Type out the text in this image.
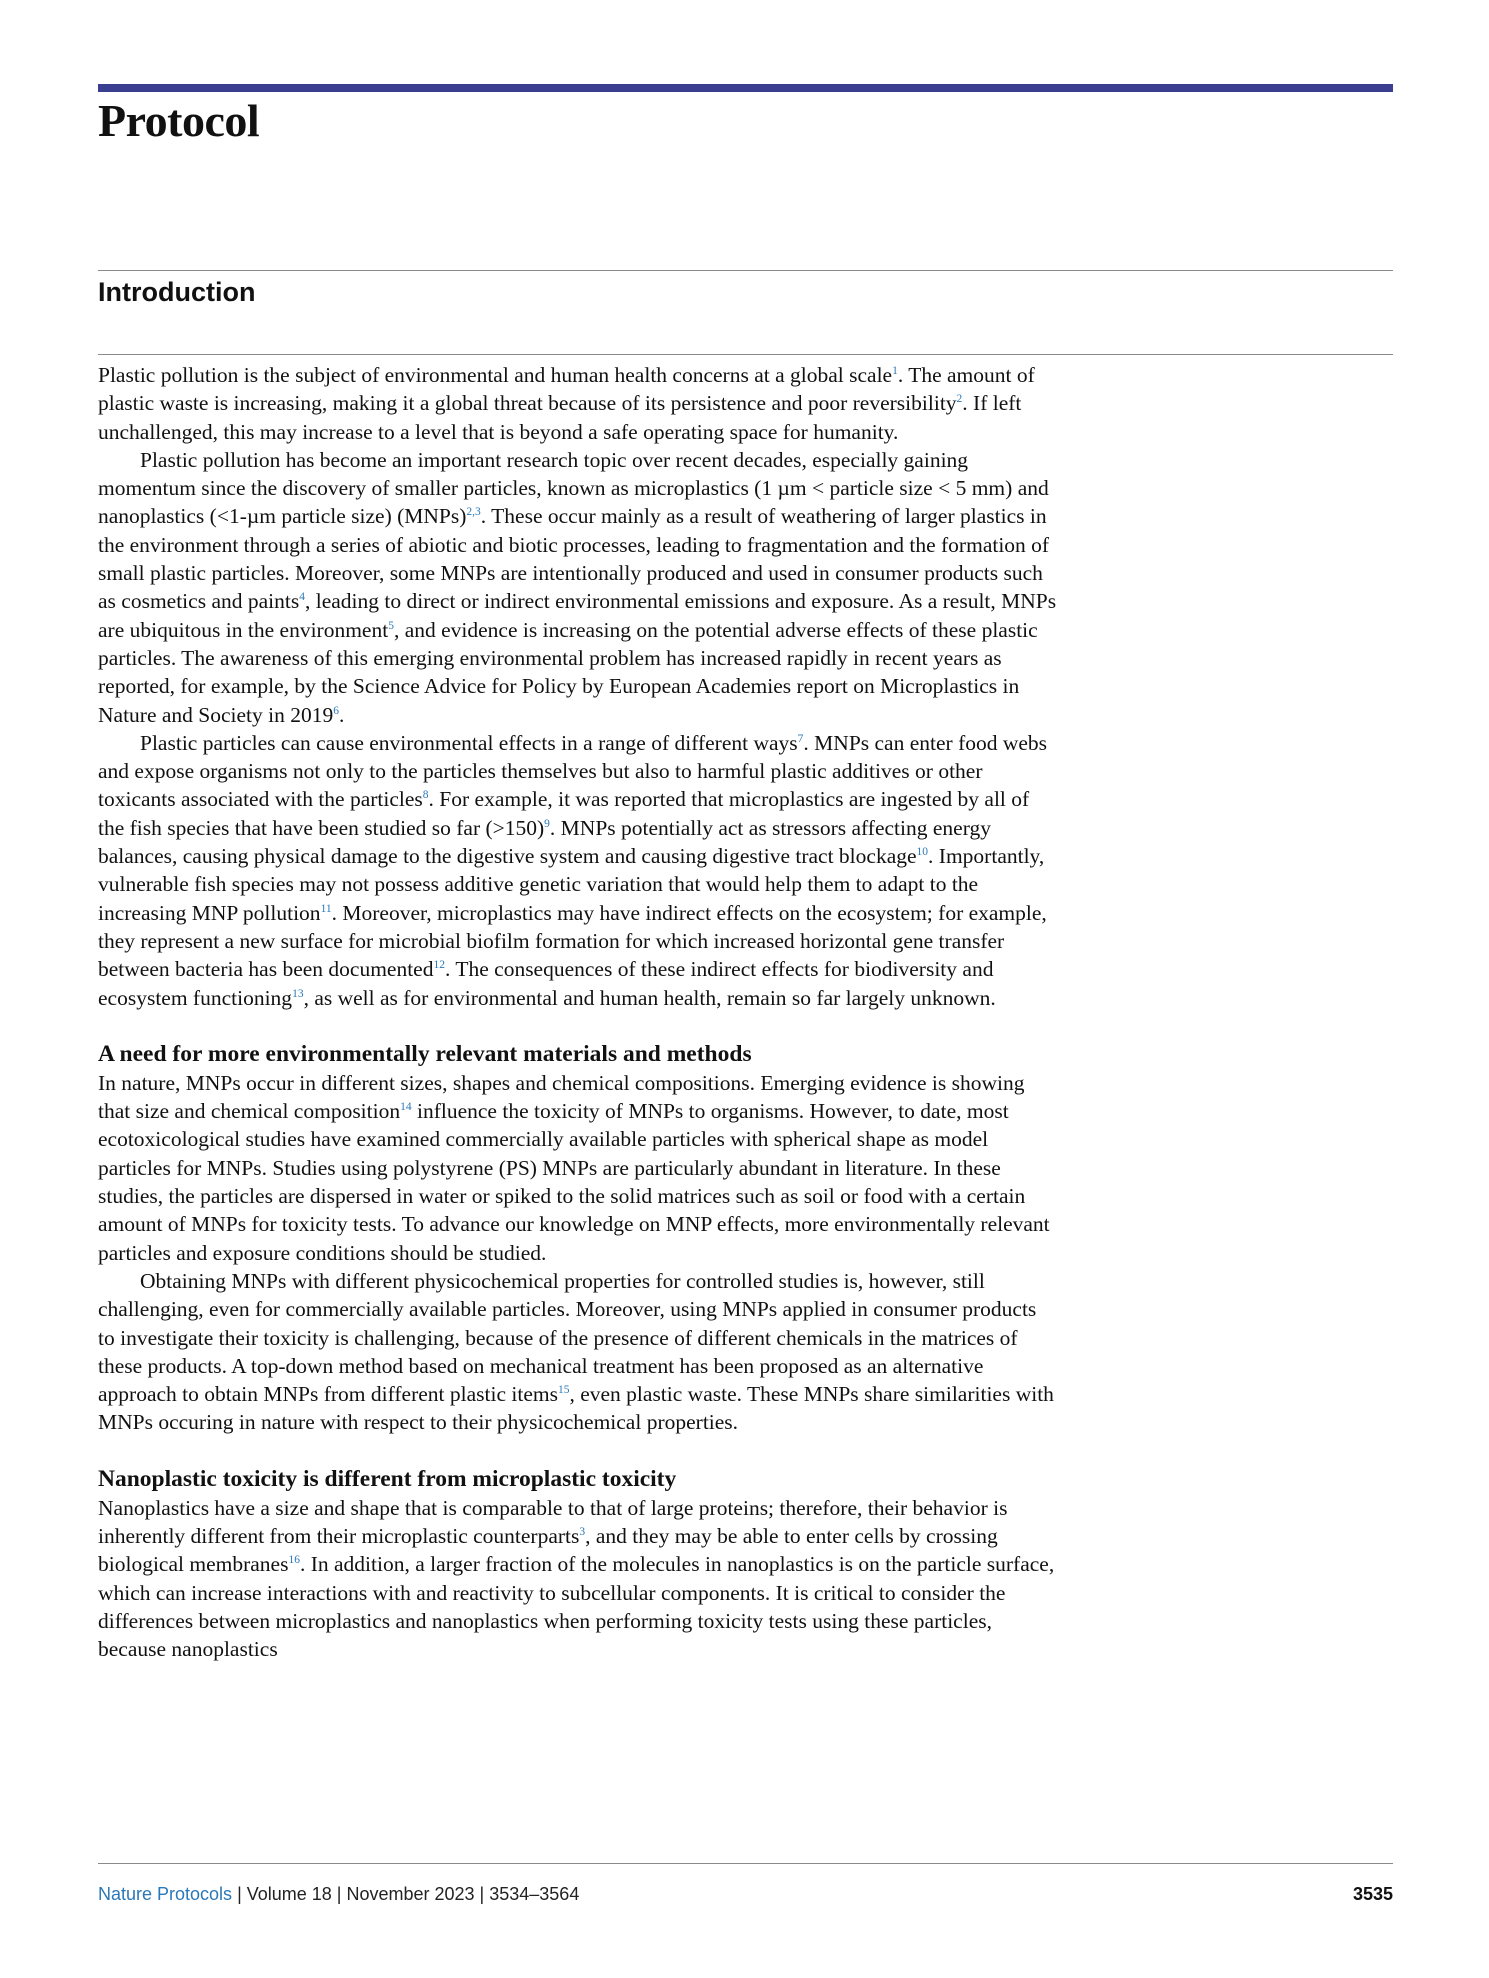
Protocol
Introduction

Plastic pollution is the subject of environmental and human health concerns at a global scale$^1$. The amount of plastic waste is increasing, making it a global threat because of its persistence and poor reversibility$^2$. If left unchallenged, this may increase to a level that is beyond a safe operating space for humanity.

Plastic pollution has become an important research topic over recent decades, especially gaining momentum since the discovery of smaller particles, known as microplastics (1 µm < particle size < 5 mm) and nanoplastics (<1-µm particle size) (MNPs)$^{2,3}$. These occur mainly as a result of weathering of larger plastics in the environment through a series of abiotic and biotic processes, leading to fragmentation and the formation of small plastic particles. Moreover, some MNPs are intentionally produced and used in consumer products such as cosmetics and paints$^4$, leading to direct or indirect environmental emissions and exposure. As a result, MNPs are ubiquitous in the environment$^5$, and evidence is increasing on the potential adverse effects of these plastic particles. The awareness of this emerging environmental problem has increased rapidly in recent years as reported, for example, by the Science Advice for Policy by European Academies report on Microplastics in Nature and Society in 2019$^6$.

Plastic particles can cause environmental effects in a range of different ways$^7$. MNPs can enter food webs and expose organisms not only to the particles themselves but also to harmful plastic additives or other toxicants associated with the particles$^8$. For example, it was reported that microplastics are ingested by all of the fish species that have been studied so far (>150)$^9$. MNPs potentially act as stressors affecting energy balances, causing physical damage to the digestive system and causing digestive tract blockage$^{10}$. Importantly, vulnerable fish species may not possess additive genetic variation that would help them to adapt to the increasing MNP pollution$^{11}$. Moreover, microplastics may have indirect effects on the ecosystem; for example, they represent a new surface for microbial biofilm formation for which increased horizontal gene transfer between bacteria has been documented$^{12}$. The consequences of these indirect effects for biodiversity and ecosystem functioning$^{13}$, as well as for environmental and human health, remain so far largely unknown.

A need for more environmentally relevant materials and methods

In nature, MNPs occur in different sizes, shapes and chemical compositions. Emerging evidence is showing that size and chemical composition$^{14}$ influence the toxicity of MNPs to organisms. However, to date, most ecotoxicological studies have examined commercially available particles with spherical shape as model particles for MNPs. Studies using polystyrene (PS) MNPs are particularly abundant in literature. In these studies, the particles are dispersed in water or spiked to the solid matrices such as soil or food with a certain amount of MNPs for toxicity tests. To advance our knowledge on MNP effects, more environmentally relevant particles and exposure conditions should be studied.

Obtaining MNPs with different physicochemical properties for controlled studies is, however, still challenging, even for commercially available particles. Moreover, using MNPs applied in consumer products to investigate their toxicity is challenging, because of the presence of different chemicals in the matrices of these products. A top-down method based on mechanical treatment has been proposed as an alternative approach to obtain MNPs from different plastic items$^{15}$, even plastic waste. These MNPs share similarities with MNPs occuring in nature with respect to their physicochemical properties.

Nanoplastic toxicity is different from microplastic toxicity

Nanoplastics have a size and shape that is comparable to that of large proteins; therefore, their behavior is inherently different from their microplastic counterparts$^3$, and they may be able to enter cells by crossing biological membranes$^{16}$. In addition, a larger fraction of the molecules in nanoplastics is on the particle surface, which can increase interactions with and reactivity to subcellular components. It is critical to consider the differences between microplastics and nanoplastics when performing toxicity tests using these particles, because nanoplastics

Nature Protocols | Volume 18 | November 2023 | 3534–3564	3535
